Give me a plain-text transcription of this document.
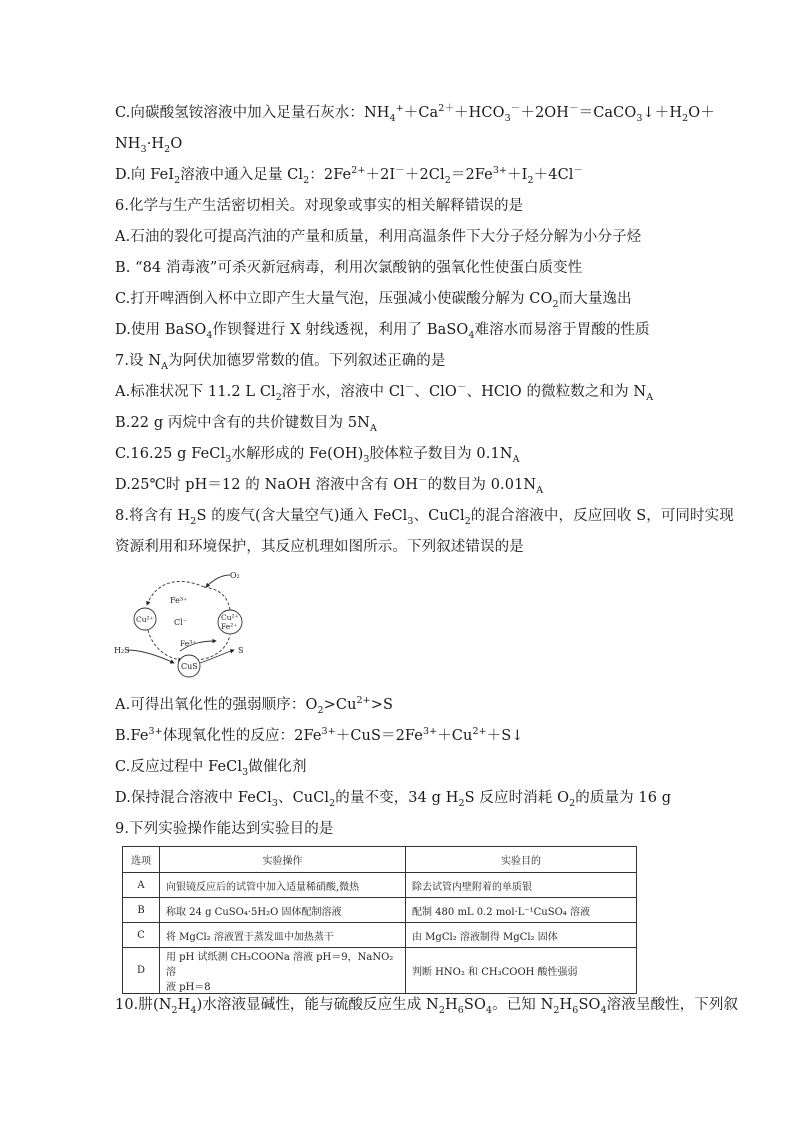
C.向碳酸氢铵溶液中加入足量石灰水：$NH_4^++Ca^{2+}+HCO_3^-+2OH^-=CaCO_3↓+H_2O+$
$NH_3\cdot H_2O$
D.向 FeI$_2$溶液中通入足量 $Cl_2$：$2Fe^{2+}+2I^-+2Cl_2=2Fe^{3+}+I_2+4Cl^-$
6.化学与生产生活密切相关。对现象或事实的相关解释错误的是
A.石油的裂化可提高汽油的产量和质量，利用高温条件下大分子烃分解为小分子烃
B. “84 消毒液”可杀灭新冠病毒，利用次氯酸钠的强氧化性使蛋白质变性
C.打开啤酒倒入杯中立即产生大量气泡，压强减小使碳酸分解为 $CO_2$而大量逸出
D.使用 BaSO$_4$作钡餐进行 X 射线透视，利用了 BaSO$_4$难溶水而易溶于胃酸的性质
7.设 $N_A$为阿伏加德罗常数的值。下列叙述正确的是
A.标准状况下 11.2 L $Cl_2$溶于水，溶液中 Cl－、ClO－、HClO 的微粒数之和为 $N_A$
B.22 g 丙烷中含有的共价键数目为 $5N_A$
C.16.25 g FeCl$_3$水解形成的 $Fe(OH)_3$胶体粒子数目为 $0.1N_A$
D.25℃时 pH＝12 的 NaOH 溶液中含有 OH－的数目为 $0.01N_A$
8.将含有 $H_2S$ 的废气(含大量空气)通入 FeCl$_3$、CuCl$_2$的混合溶液中，反应回收 S，可同时实现
资源利用和环境保护，其反应机理如图所示。下列叙述错误的是
O₂
Fe³⁺
Cl⁻
Cu²⁺	Cu²⁺
Fe²⁺
Fe³⁺
H₂S
CuS
S
A.可得出氧化性的强弱顺序：$O_2>Cu^{2+}>S$
$B.Fe^{3+}$体现氧化性的反应：$2Fe^{3+}+CuS=2Fe^{3+}+Cu^{2+}+S↓$
C.反应过程中 FeCl$_3$做催化剂
D.保持混合溶液中 FeCl$_3$、CuCl$_2$的量不变，34 g $H_2S$ 反应时消耗 $O_2$的质量为 16 g
9.下列实验操作能达到实验目的是
选项	实验操作	实验目的
A	向银镜反应后的试管中加入适量稀硝酸,微热	除去试管内壁附着的单质银
B	称取 24 g CuSO₄·5H₂O 固体配制溶液	配制 480 mL 0.2 mol·L⁻¹CuSO₄ 溶液
C	将 MgCl₂ 溶液置于蒸发皿中加热蒸干	由 MgCl₂ 溶液制得 MgCl₂ 固体
D	用 pH 试纸测 CH₃COONa 溶液 pH＝9，NaNO₂ 溶
液 pH＝8	判断 HNO₂ 和 CH₃COOH 酸性强弱
10.肼$(N_2H_4)$水溶液显碱性，能与硫酸反应生成 $N_2H_6SO_4$。已知 $N_2H_6SO_4$溶液呈酸性，下列叙
